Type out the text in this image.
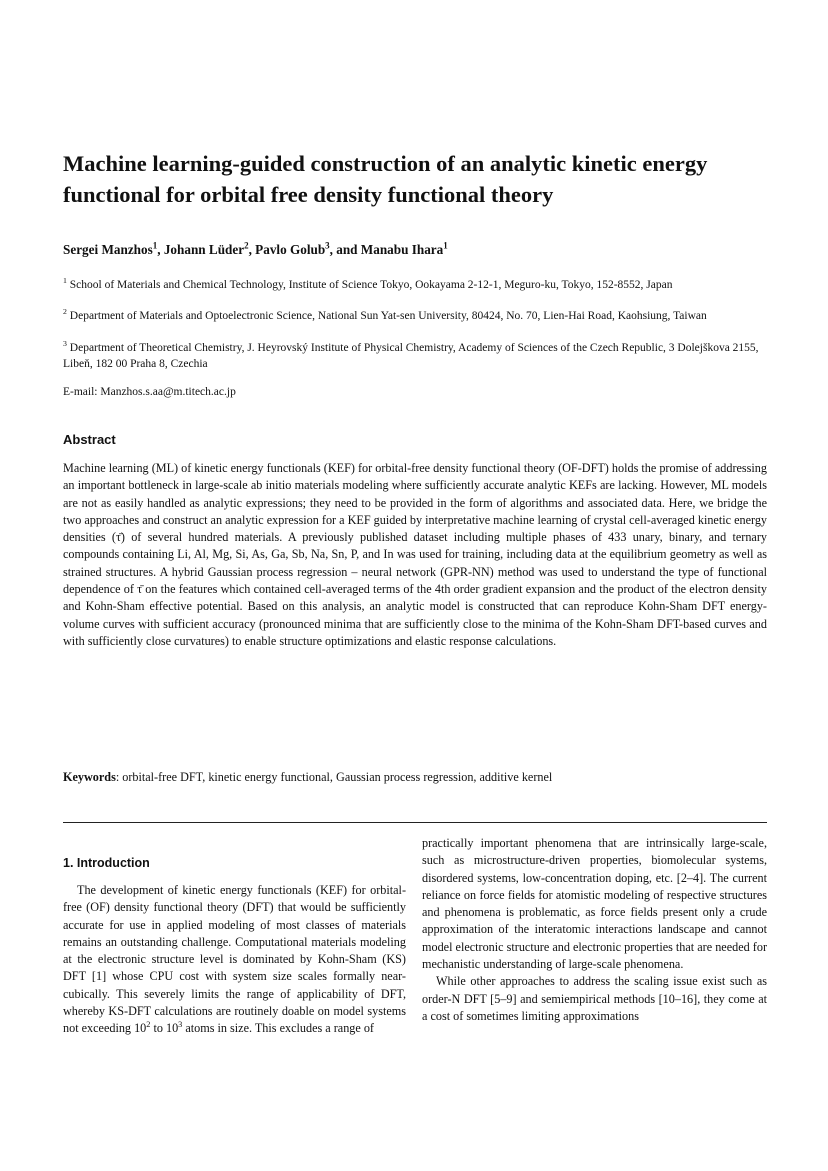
Machine learning-guided construction of an analytic kinetic energy functional for orbital free density functional theory
Sergei Manzhos$^1$, Johann Lüder$^2$, Pavlo Golub$^3$, and Manabu Ihara$^1$
$^1$ School of Materials and Chemical Technology, Institute of Science Tokyo, Ookayama 2-12-1, Meguro-ku, Tokyo, 152-8552, Japan
$^2$ Department of Materials and Optoelectronic Science, National Sun Yat-sen University, 80424, No. 70, Lien-Hai Road, Kaohsiung, Taiwan
$^3$ Department of Theoretical Chemistry, J. Heyrovský Institute of Physical Chemistry, Academy of Sciences of the Czech Republic, 3 Dolejškova 2155, Libeň, 182 00 Praha 8, Czechia
E-mail: Manzhos.s.aa@m.titech.ac.jp
Abstract

Machine learning (ML) of kinetic energy functionals (KEF) for orbital-free density functional theory (OF-DFT) holds the promise of addressing an important bottleneck in large-scale ab initio materials modeling where sufficiently accurate analytic KEFs are lacking. However, ML models are not as easily handled as analytic expressions; they need to be provided in the form of algorithms and associated data. Here, we bridge the two approaches and construct an analytic expression for a KEF guided by interpretative machine learning of crystal cell-averaged kinetic energy densities (τ̄) of several hundred materials. A previously published dataset including multiple phases of 433 unary, binary, and ternary compounds containing Li, Al, Mg, Si, As, Ga, Sb, Na, Sn, P, and In was used for training, including data at the equilibrium geometry as well as strained structures. A hybrid Gaussian process regression – neural network (GPR-NN) method was used to understand the type of functional dependence of τ̄ on the features which contained cell-averaged terms of the 4th order gradient expansion and the product of the electron density and Kohn-Sham effective potential. Based on this analysis, an analytic model is constructed that can reproduce Kohn-Sham DFT energy-volume curves with sufficient accuracy (pronounced minima that are sufficiently close to the minima of the Kohn-Sham DFT-based curves and with sufficiently close curvatures) to enable structure optimizations and elastic response calculations.

Keywords: orbital-free DFT, kinetic energy functional, Gaussian process regression, additive kernel
1. Introduction

The development of kinetic energy functionals (KEF) for orbital-free (OF) density functional theory (DFT) that would be sufficiently accurate for use in applied modeling of most classes of materials remains an outstanding challenge. Computational materials modeling at the electronic structure level is dominated by Kohn-Sham (KS) DFT [1] whose CPU cost with system size scales formally near-cubically. This severely limits the range of applicability of DFT, whereby KS-DFT calculations are routinely doable on model systems not exceeding $10^2$ to $10^3$ atoms in size. This excludes a range of

practically important phenomena that are intrinsically large-scale, such as microstructure-driven properties, biomolecular systems, disordered systems, low-concentration doping, etc. [2–4]. The current reliance on force fields for atomistic modeling of respective structures and phenomena is problematic, as force fields present only a crude approximation of the interatomic interactions landscape and cannot model electronic structure and electronic properties that are needed for mechanistic understanding of large-scale phenomena.

While other approaches to address the scaling issue exist such as order-N DFT [5–9] and semiempirical methods [10–16], they come at a cost of sometimes limiting approximations
